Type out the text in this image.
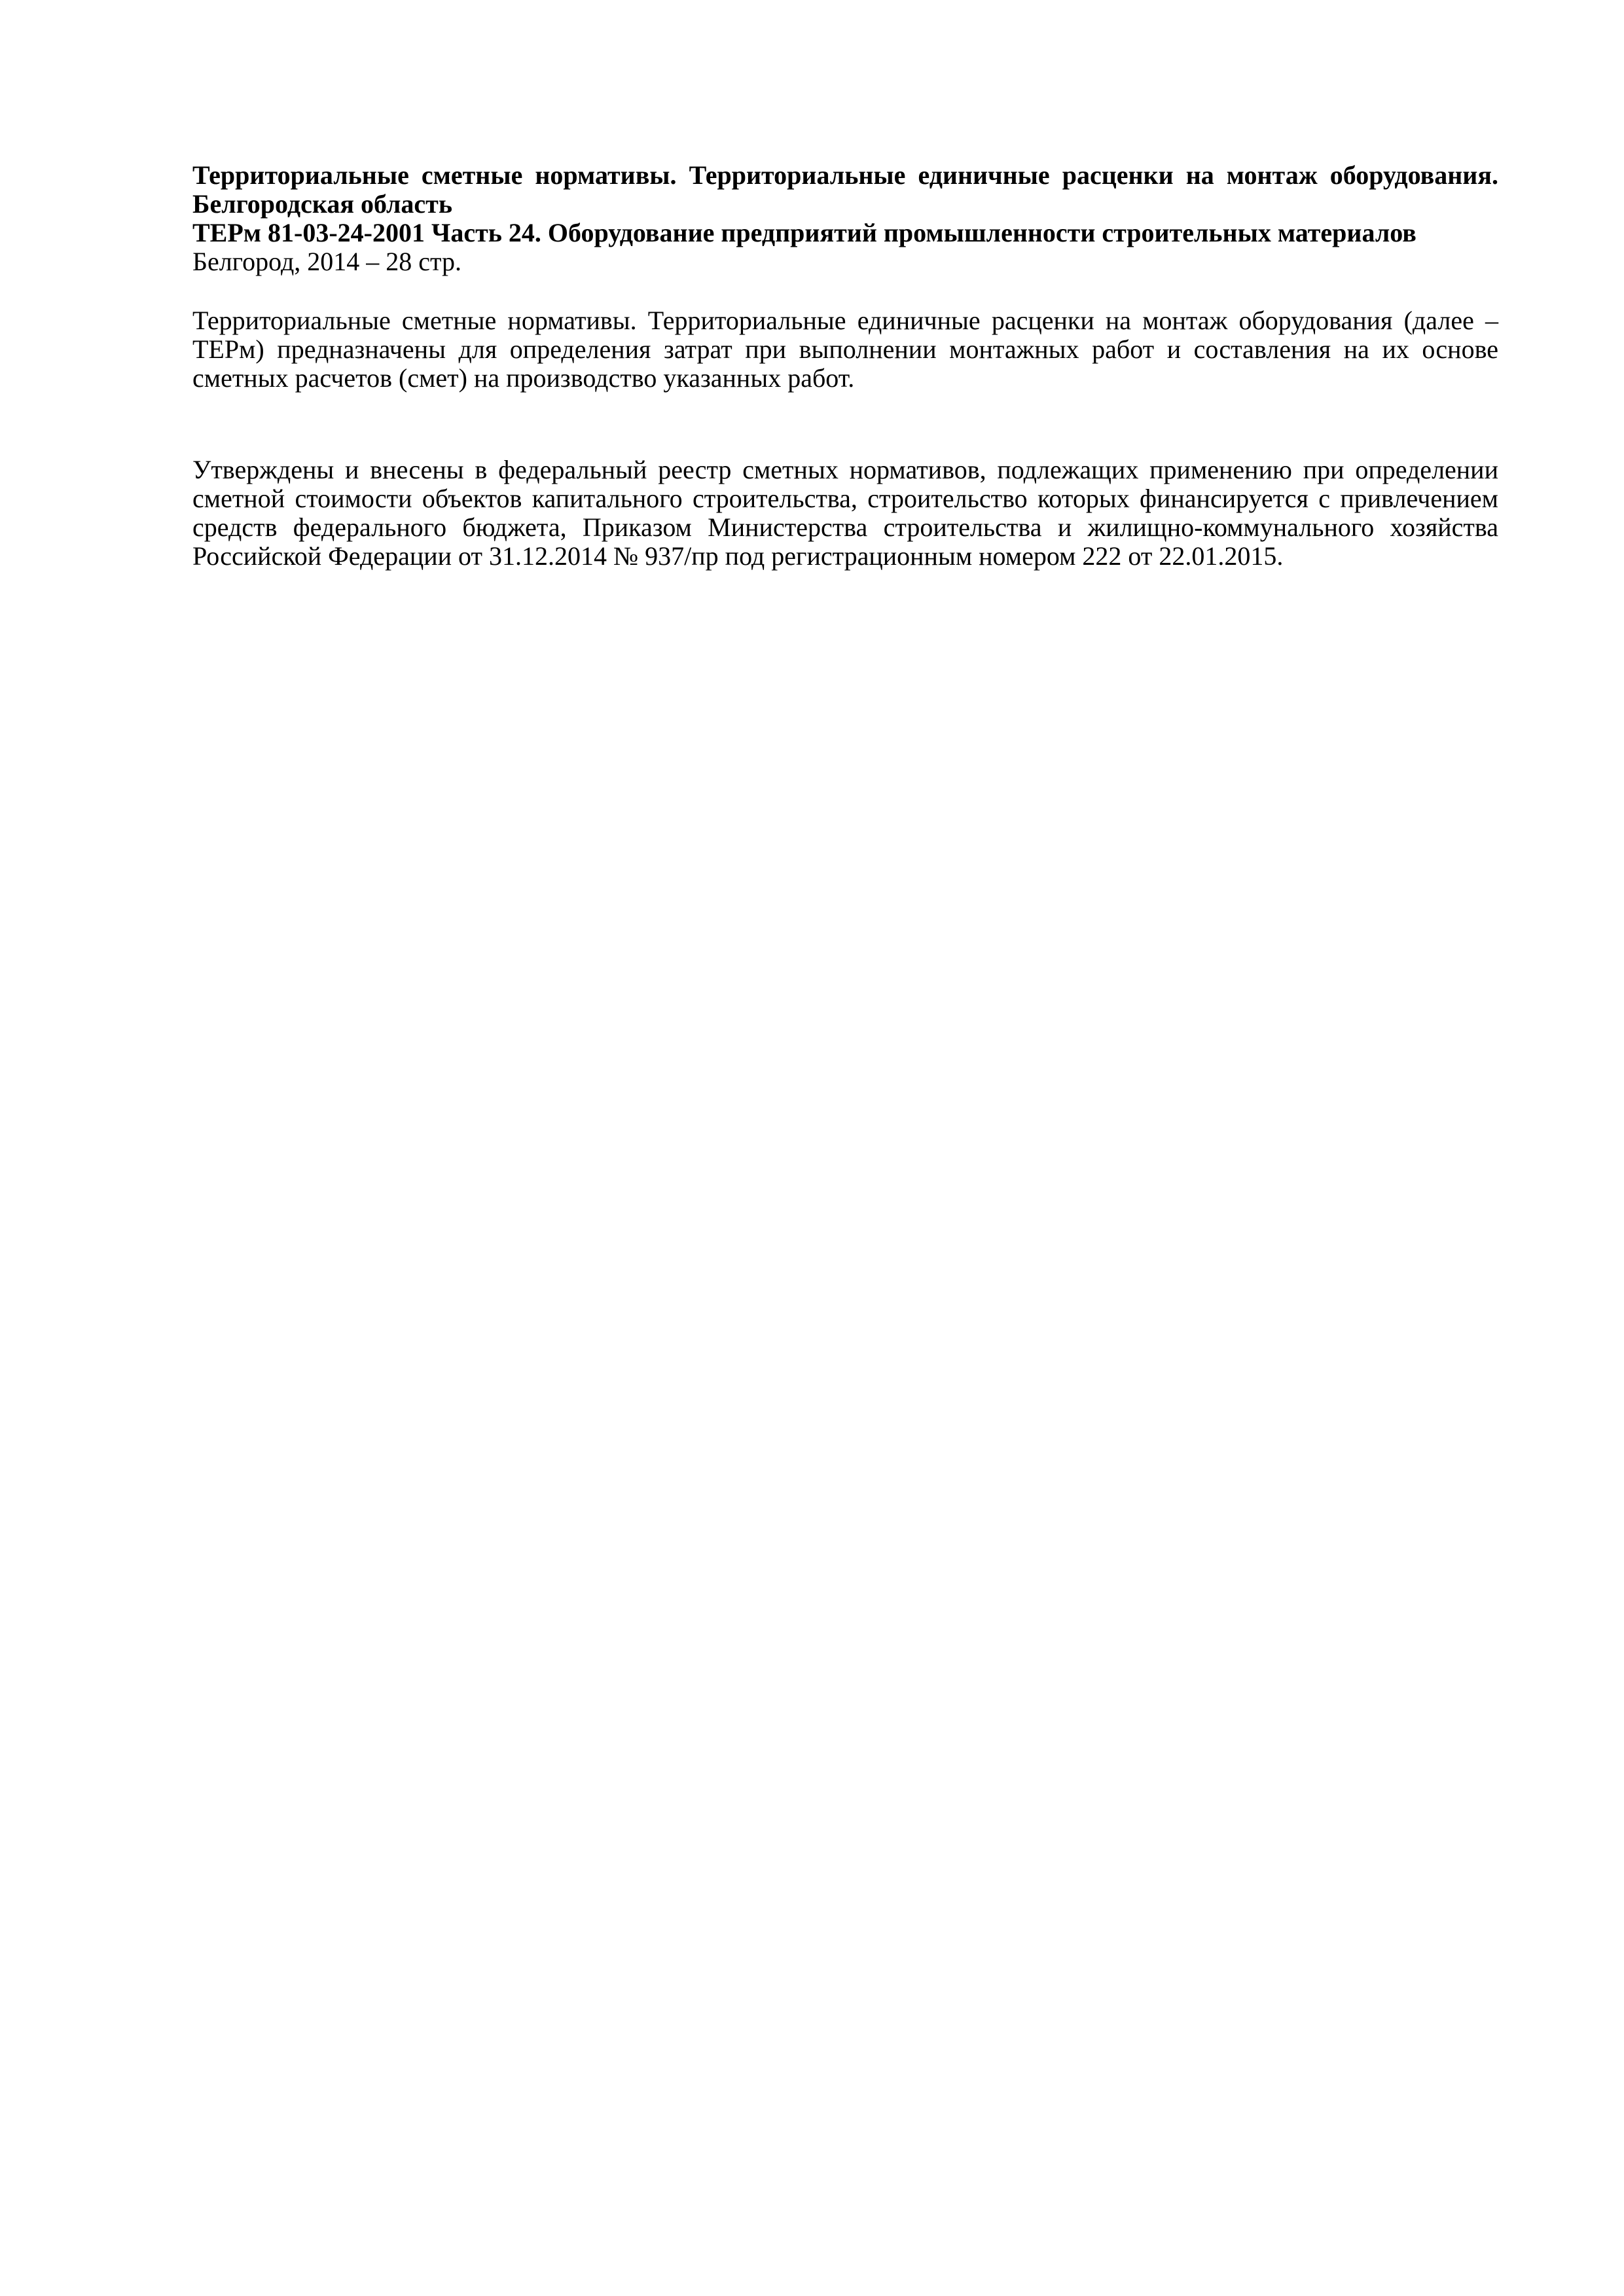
Территориальные сметные нормативы. Территориальные единичные расценки на монтаж оборудования. Белгородская область

ТЕРм 81-03-24-2001 Часть 24. Оборудование предприятий промышленности строительных материалов

Белгород, 2014 – 28 стр.

Территориальные сметные нормативы. Территориальные единичные расценки на монтаж оборудования (далее – ТЕРм) предназначены для определения затрат при выполнении монтажных работ и составления на их основе сметных расчетов (смет) на производство указанных работ.

Утверждены и внесены в федеральный реестр сметных нормативов, подлежащих применению при определении сметной стоимости объектов капитального строительства, строительство которых финансируется с привлечением средств федерального бюджета, Приказом Министерства строительства и жилищно-коммунального хозяйства Российской Федерации от 31.12.2014 № 937/пр под регистрационным номером 222 от 22.01.2015.
